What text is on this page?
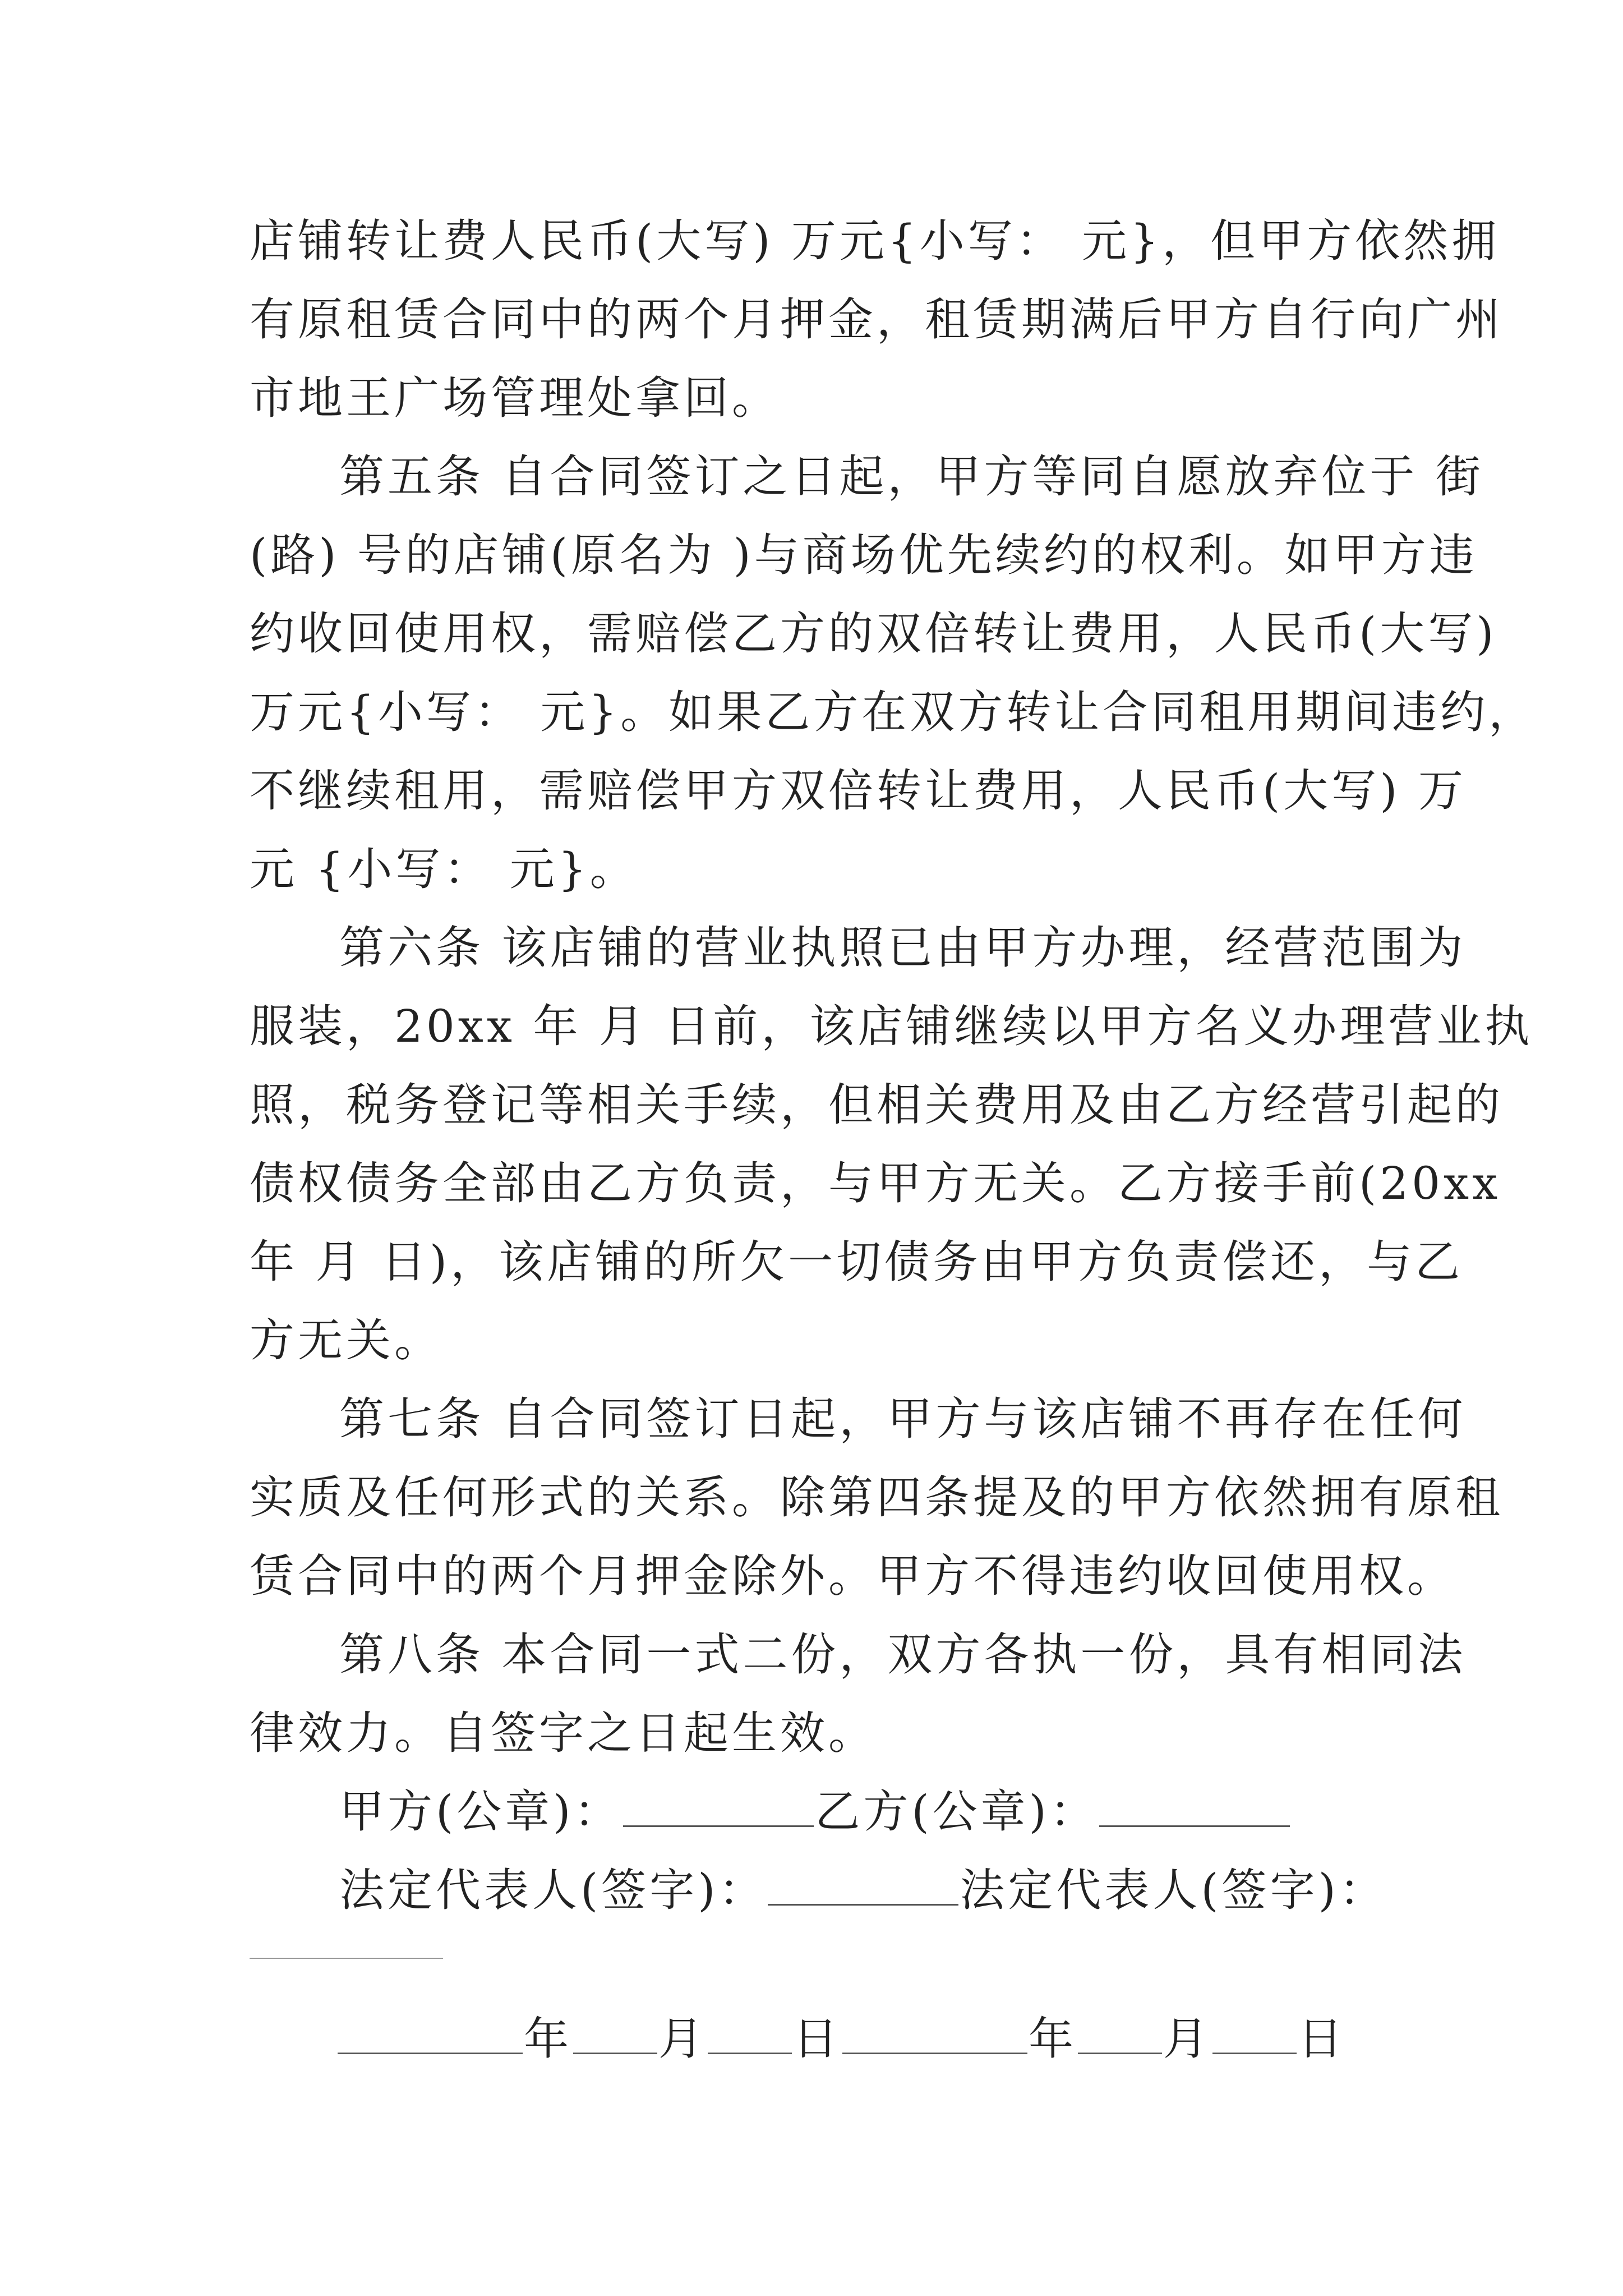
店铺转让费人民币(大写) 万元{小写： 元}，但甲方依然拥
有原租赁合同中的两个月押金，租赁期满后甲方自行向广州
市地王广场管理处拿回。
第五条 自合同签订之日起，甲方等同自愿放弃位于 街
(路) 号的店铺(原名为 )与商场优先续约的权利。如甲方违
约收回使用权，需赔偿乙方的双倍转让费用，人民币(大写)
万元{小写： 元}。如果乙方在双方转让合同租用期间违约，
不继续租用，需赔偿甲方双倍转让费用，人民币(大写) 万
元 {小写： 元}。
第六条 该店铺的营业执照已由甲方办理，经营范围为
服装，20xx 年 月 日前，该店铺继续以甲方名义办理营业执
照，税务登记等相关手续，但相关费用及由乙方经营引起的
债权债务全部由乙方负责，与甲方无关。乙方接手前(20xx
年 月 日)，该店铺的所欠一切债务由甲方负责偿还，与乙
方无关。
第七条 自合同签订日起，甲方与该店铺不再存在任何
实质及任何形式的关系。除第四条提及的甲方依然拥有原租
赁合同中的两个月押金除外。甲方不得违约收回使用权。
第八条 本合同一式二份，双方各执一份，具有相同法
律效力。自签字之日起生效。
甲方(公章)：	乙方(公章)：
法定代表人(签字)：	法定代表人(签字)：
年 月 日	年 月 日
